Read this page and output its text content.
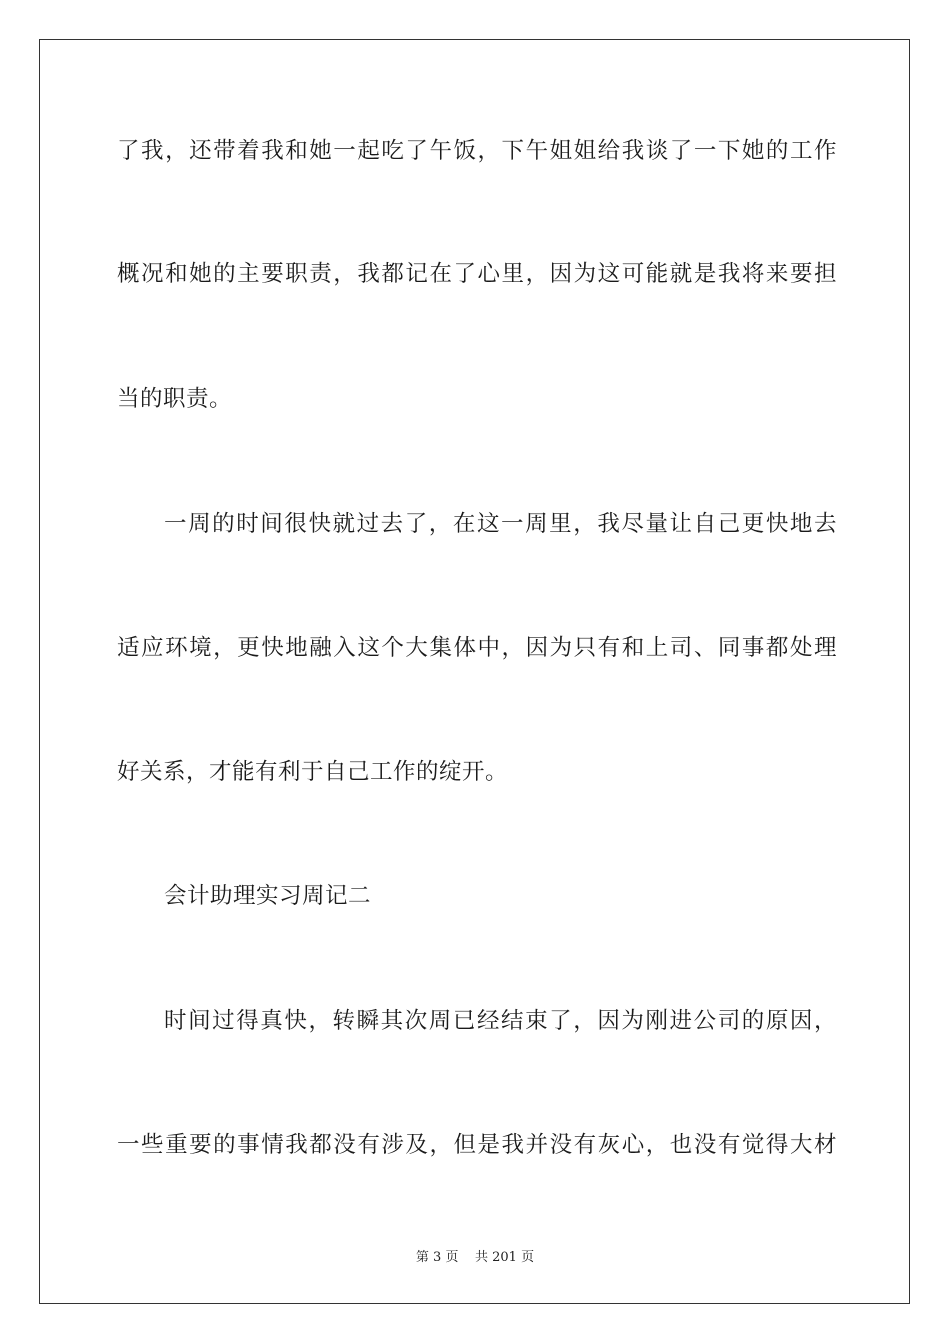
了我，还带着我和她一起吃了午饭，下午姐姐给我谈了一下她的工作
概况和她的主要职责，我都记在了心里，因为这可能就是我将来要担
当的职责。
一周的时间很快就过去了，在这一周里，我尽量让自己更快地去
适应环境，更快地融入这个大集体中，因为只有和上司、同事都处理
好关系，才能有利于自己工作的绽开。
会计助理实习周记二
时间过得真快，转瞬其次周已经结束了，因为刚进公司的原因，
一些重要的事情我都没有涉及，但是我并没有灰心，也没有觉得大材
第 3 页    共 201 页
